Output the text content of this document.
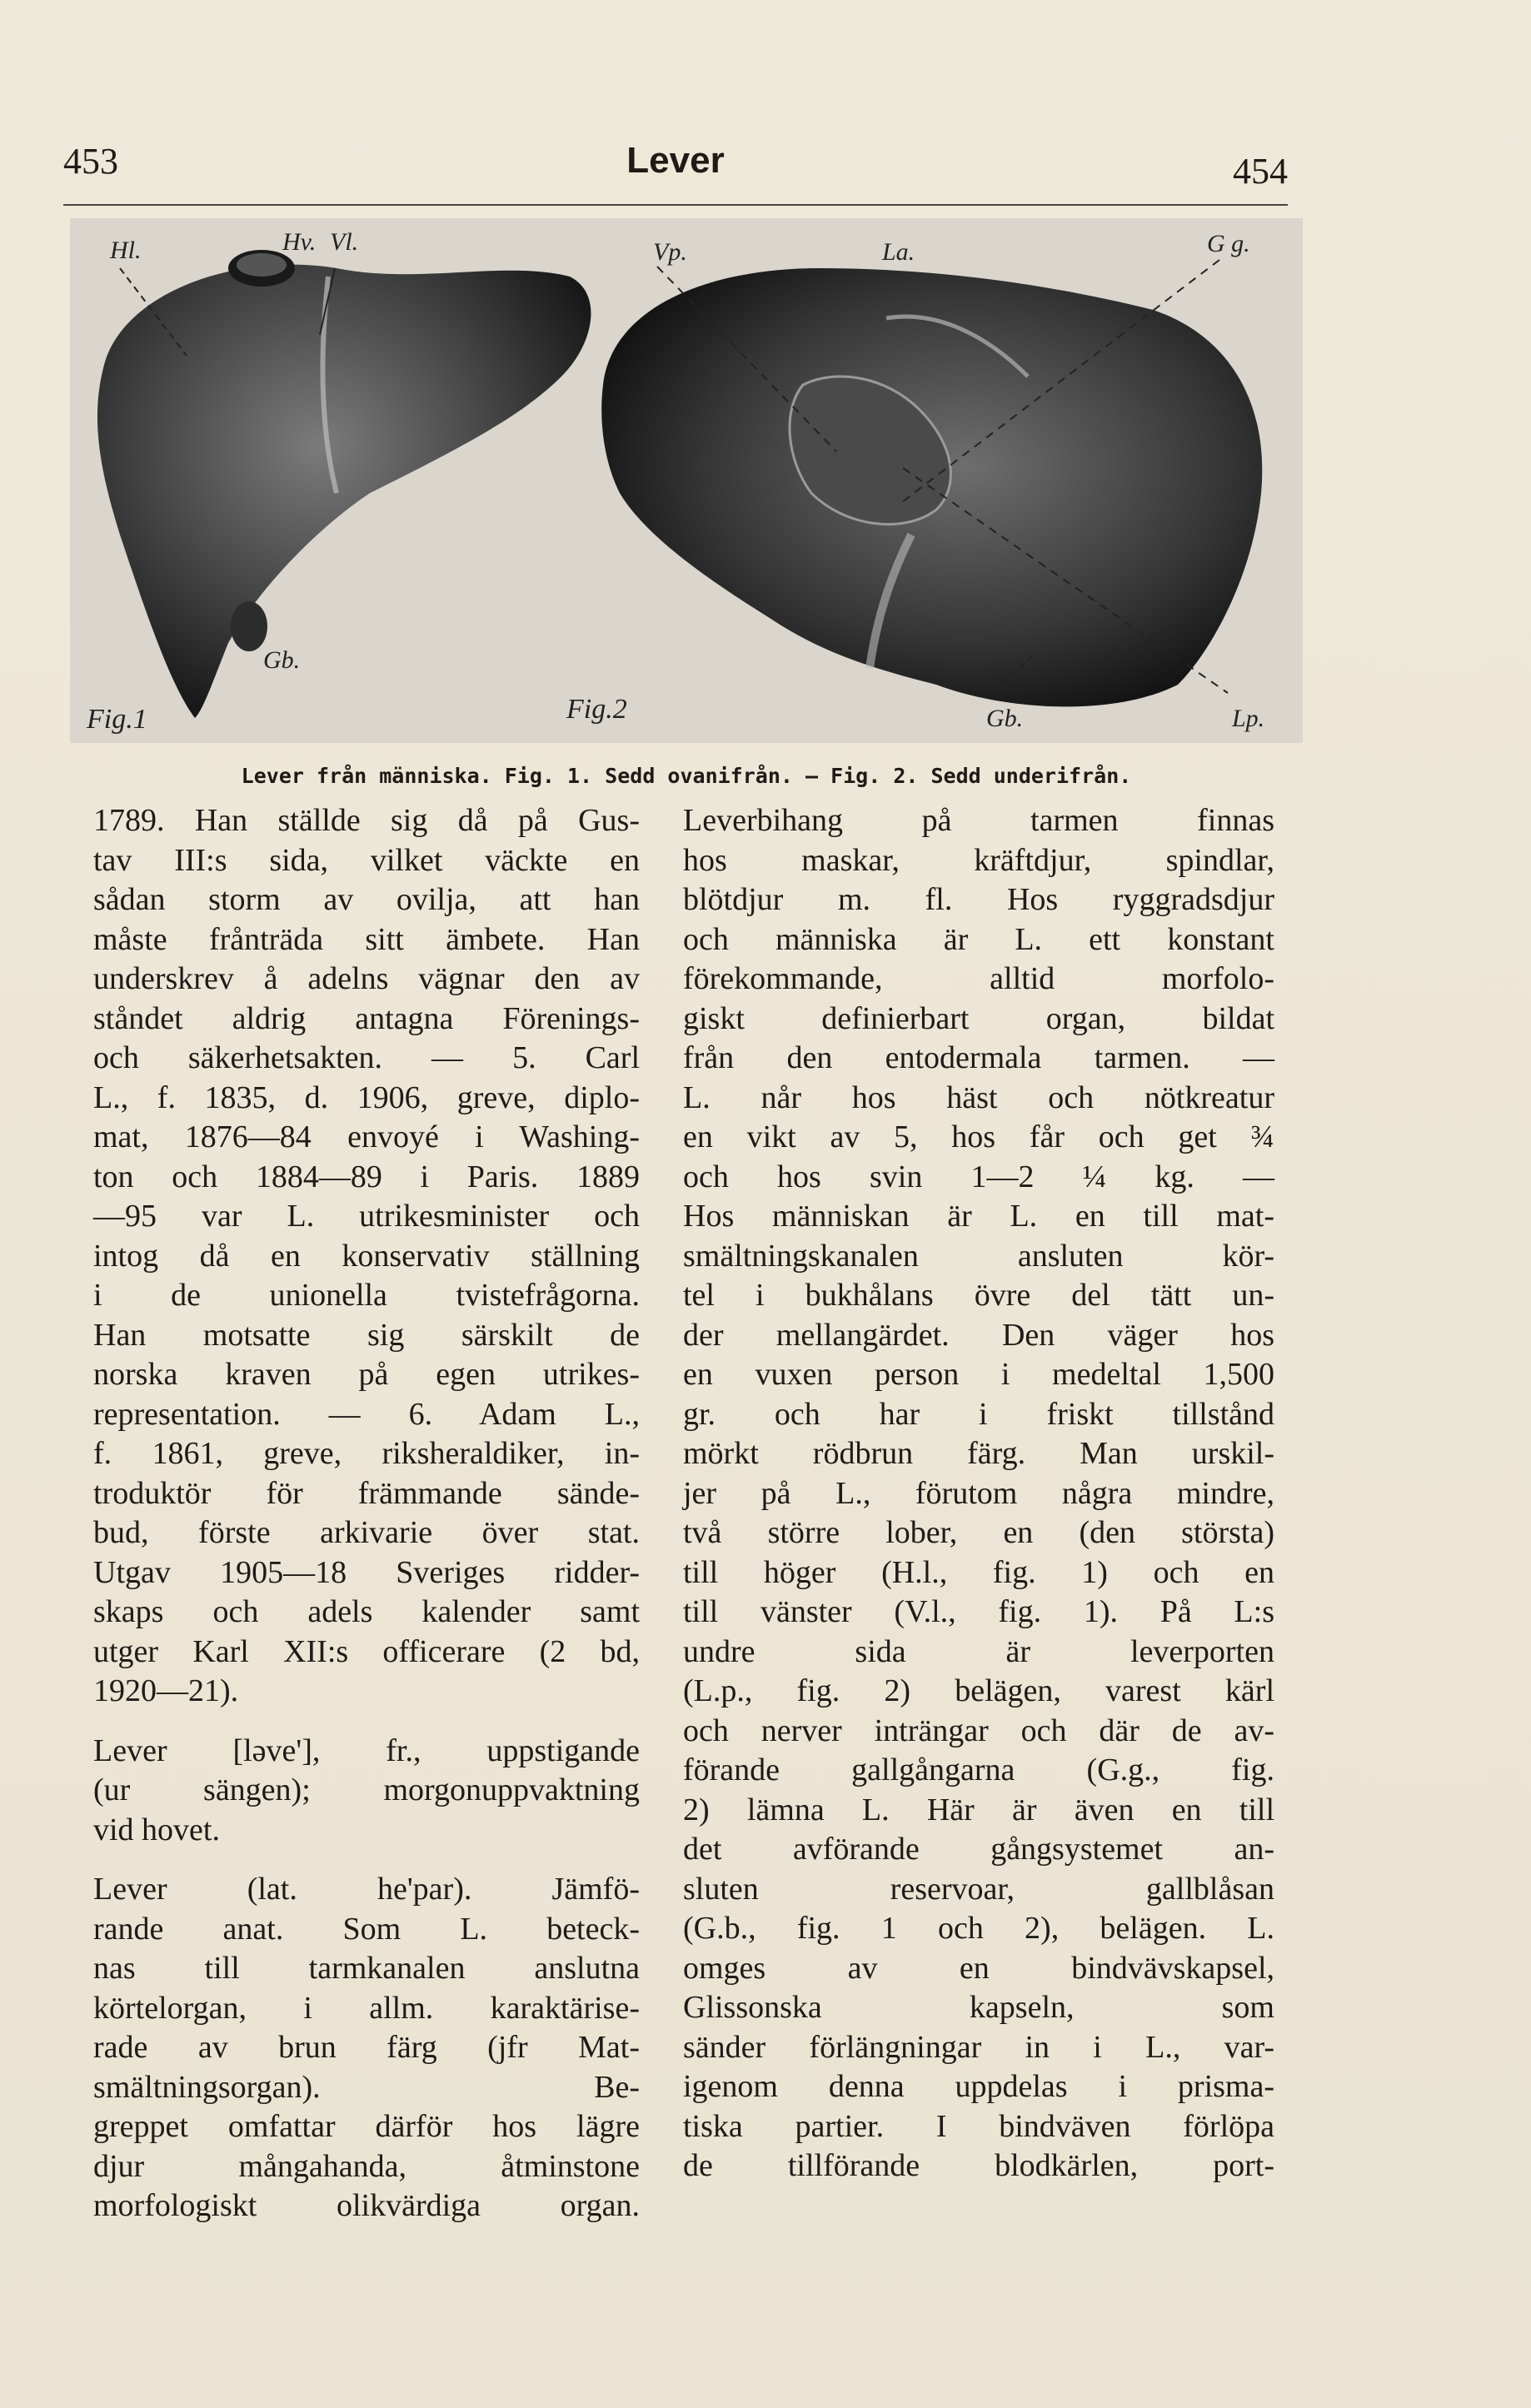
453	Lever	454
Hl.	Hv. Vl.
Gb.
Fig.1
Vp.	La.	G g.
Gb.	Lp.
Fig.2
Lever från människa. Fig. 1. Sedd ovanifrån. — Fig. 2. Sedd underifrån.
1789. Han ställde sig då på Gus-
tav III:s sida, vilket väckte en
sådan storm av ovilja, att han
måste frånträda sitt ämbete. Han
underskrev å adelns vägnar den av
ståndet aldrig antagna Förenings-
och säkerhetsakten. — 5. Carl
L., f. 1835, d. 1906, greve, diplo-
mat, 1876—84 envoyé i Washing-
ton och 1884—89 i Paris. 1889
—95 var L. utrikesminister och
intog då en konservativ ställning
i de unionella tvistefrågorna.
Han motsatte sig särskilt de
norska kraven på egen utrikes-
representation. — 6. Adam L.,
f. 1861, greve, riksheraldiker, in-
troduktör för främmande sände-
bud, förste arkivarie över stat.
Utgav 1905—18 Sveriges ridder-
skaps och adels kalender samt
utger Karl XII:s officerare (2 bd,
1920—21).
Lever [ləve'], fr., uppstigande
(ur sängen); morgonuppvaktning
vid hovet.
Lever (lat. he'par). Jämfö-
rande anat. Som L. beteck-
nas till tarmkanalen anslutna
körtelorgan, i allm. karaktärise-
rade av brun färg (jfr Mat-
smältningsorgan). Be-
greppet omfattar därför hos lägre
djur mångahanda, åtminstone
morfologiskt olikvärdiga organ.
Leverbihang på tarmen finnas
hos maskar, kräftdjur, spindlar,
blötdjur m. fl. Hos ryggradsdjur
och människa är L. ett konstant
förekommande, alltid morfolo-
giskt definierbart organ, bildat
från den entodermala tarmen. —
L. når hos häst och nötkreatur
en vikt av 5, hos får och get ¾
och hos svin 1—2 ¼ kg. —
Hos människan är L. en till mat-
smältningskanalen ansluten kör-
tel i bukhålans övre del tätt un-
der mellangärdet. Den väger hos
en vuxen person i medeltal 1,500
gr. och har i friskt tillstånd
mörkt rödbrun färg. Man urskil-
jer på L., förutom några mindre,
två större lober, en (den största)
till höger (H.l., fig. 1) och en
till vänster (V.l., fig. 1). På L:s
undre sida är leverporten
(L.p., fig. 2) belägen, varest kärl
och nerver inträngar och där de av-
förande gallgångarna (G.g., fig.
2) lämna L. Här är även en till
det avförande gångsystemet an-
sluten reservoar, gallblåsan
(G.b., fig. 1 och 2), belägen. L.
omges av en bindvävskapsel,
Glissonska kapseln, som
sänder förlängningar in i L., var-
igenom denna uppdelas i prisma-
tiska partier. I bindväven förlöpa
de tillförande blodkärlen, port-
